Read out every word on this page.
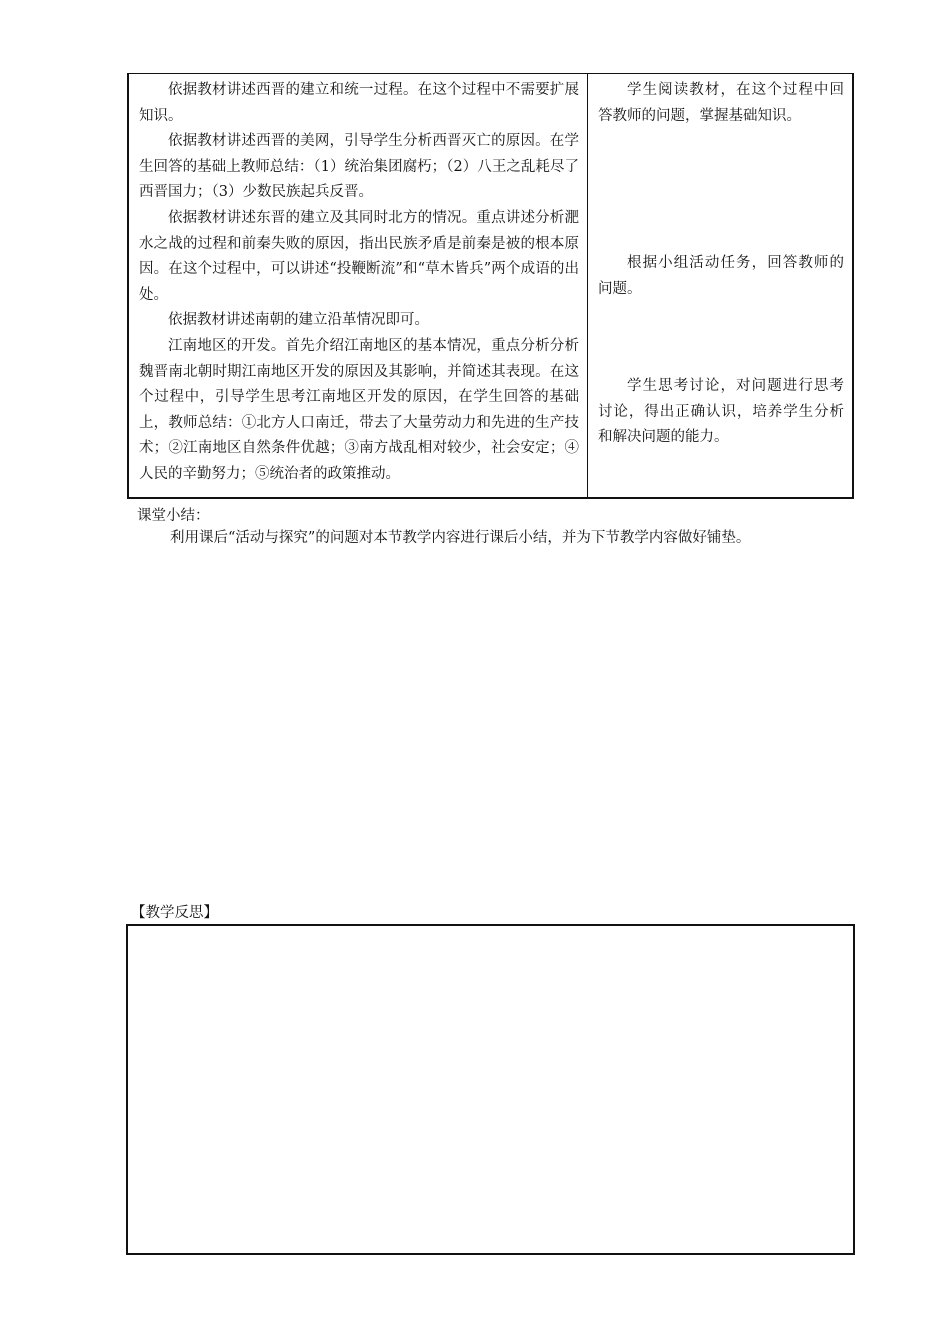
依据教材讲述西晋的建立和统一过程。在这个过程中不需要扩展知识。

依据教材讲述西晋的美网，引导学生分析西晋灭亡的原因。在学生回答的基础上教师总结：（1）统治集团腐朽；（2）八王之乱耗尽了西晋国力；（3）少数民族起兵反晋。

依据教材讲述东晋的建立及其同时北方的情况。重点讲述分析淝水之战的过程和前秦失败的原因，指出民族矛盾是前秦是被的根本原因。在这个过程中，可以讲述“投鞭断流”和“草木皆兵”两个成语的出处。

依据教材讲述南朝的建立沿革情况即可。

江南地区的开发。首先介绍江南地区的基本情况，重点分析分析魏晋南北朝时期江南地区开发的原因及其影响，并简述其表现。在这个过程中，引导学生思考江南地区开发的原因，在学生回答的基础上，教师总结：①北方人口南迁，带去了大量劳动力和先进的生产技术；②江南地区自然条件优越；③南方战乱相对较少，社会安定；④人民的辛勤努力；⑤统治者的政策推动。

学生阅读教材，在这个过程中回答教师的问题，掌握基础知识。

根据小组活动任务，回答教师的问题。

学生思考讨论，对问题进行思考讨论，得出正确认识，培养学生分析和解决问题的能力。

课堂小结：
利用课后“活动与探究”的问题对本节教学内容进行课后小结，并为下节教学内容做好铺垫。
【教学反思】
